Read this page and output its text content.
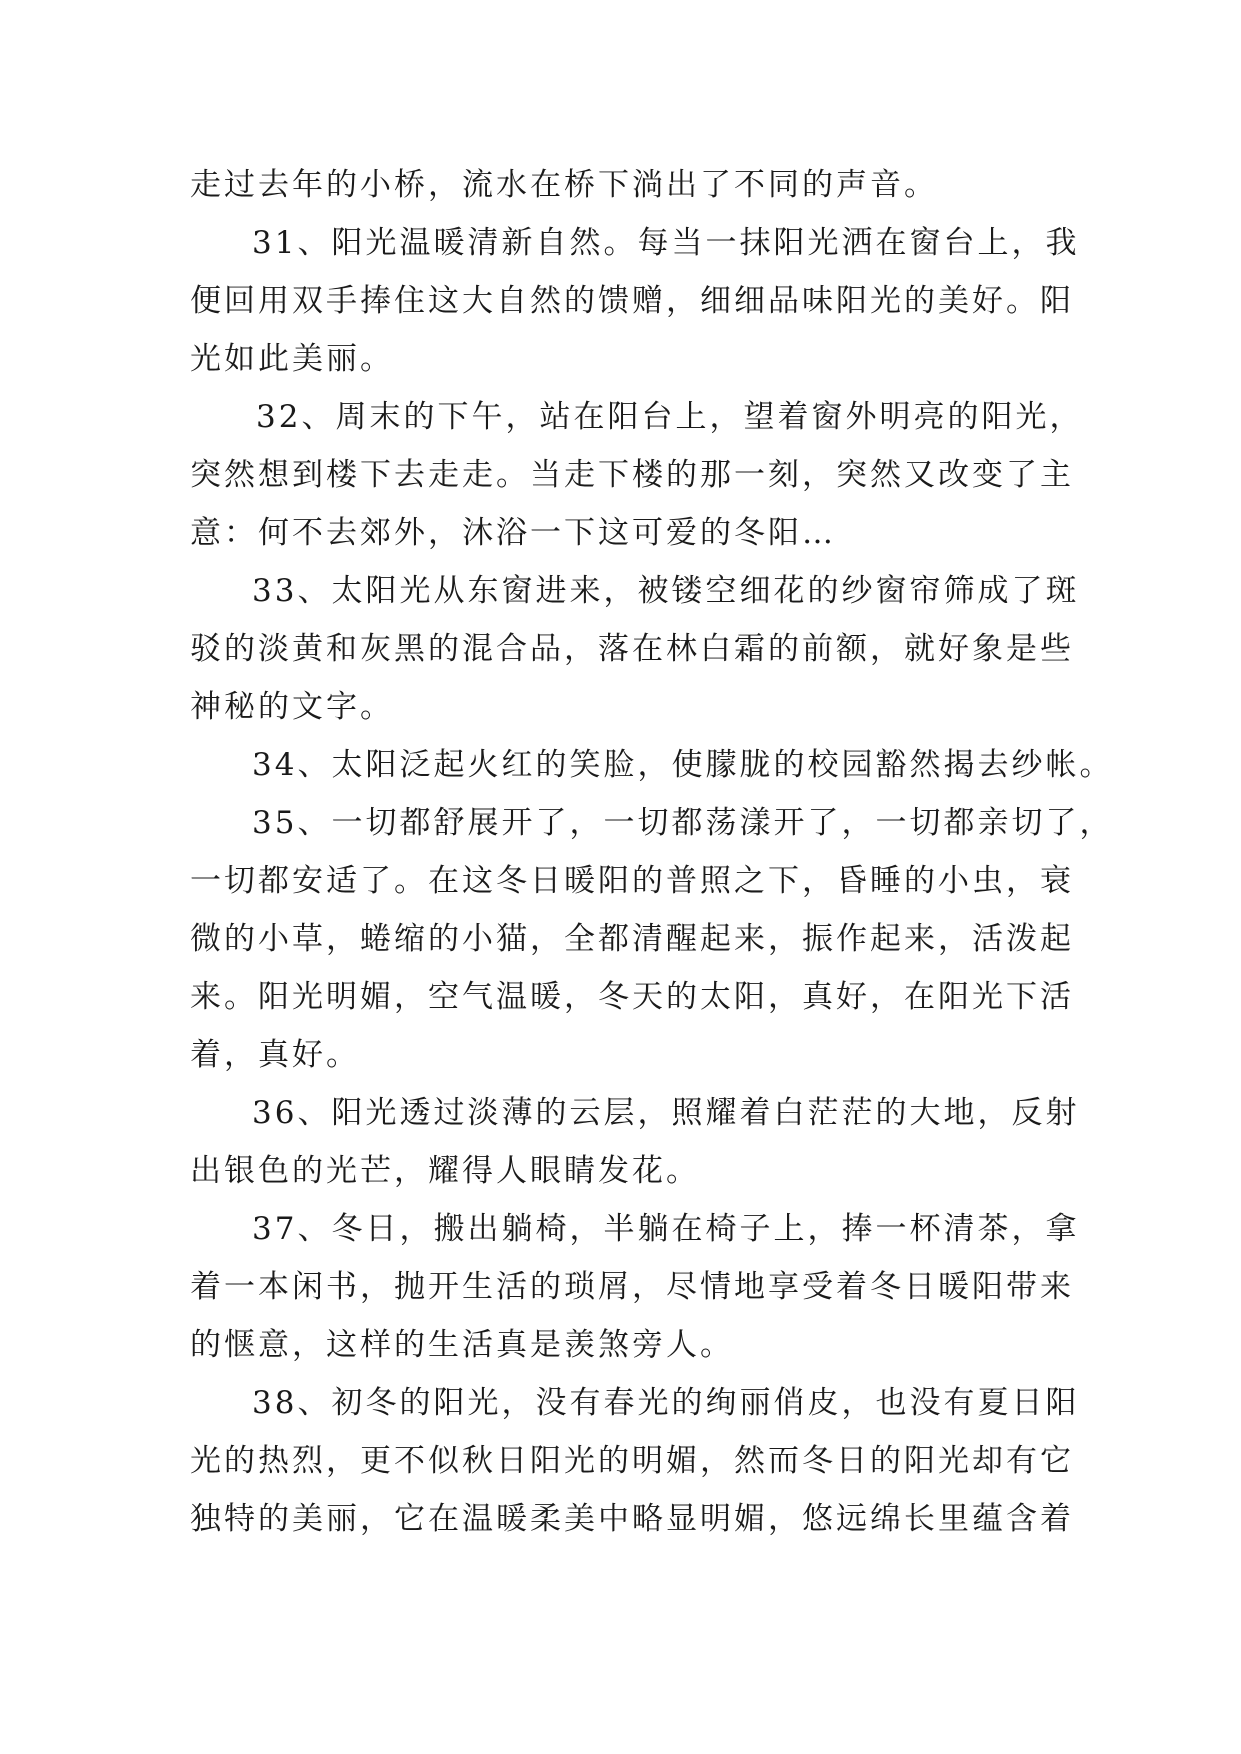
走过去年的小桥，流水在桥下淌出了不同的声音。
31、阳光温暖清新自然。每当一抹阳光洒在窗台上，我
便回用双手捧住这大自然的馈赠，细细品味阳光的美好。阳
光如此美丽。
32、周末的下午，站在阳台上，望着窗外明亮的阳光，
突然想到楼下去走走。当走下楼的那一刻，突然又改变了主
意：何不去郊外，沐浴一下这可爱的冬阳…
33、太阳光从东窗进来，被镂空细花的纱窗帘筛成了斑
驳的淡黄和灰黑的混合品，落在林白霜的前额，就好象是些
神秘的文字。
34、太阳泛起火红的笑脸，使朦胧的校园豁然揭去纱帐。
35、一切都舒展开了，一切都荡漾开了，一切都亲切了，
一切都安适了。在这冬日暖阳的普照之下，昏睡的小虫，衰
微的小草，蜷缩的小猫，全都清醒起来，振作起来，活泼起
来。阳光明媚，空气温暖，冬天的太阳，真好，在阳光下活
着，真好。
36、阳光透过淡薄的云层，照耀着白茫茫的大地，反射
出银色的光芒，耀得人眼睛发花。
37、冬日，搬出躺椅，半躺在椅子上，捧一杯清茶，拿
着一本闲书，抛开生活的琐屑，尽情地享受着冬日暖阳带来
的惬意，这样的生活真是羡煞旁人。
38、初冬的阳光，没有春光的绚丽俏皮，也没有夏日阳
光的热烈，更不似秋日阳光的明媚，然而冬日的阳光却有它
独特的美丽，它在温暖柔美中略显明媚，悠远绵长里蕴含着
